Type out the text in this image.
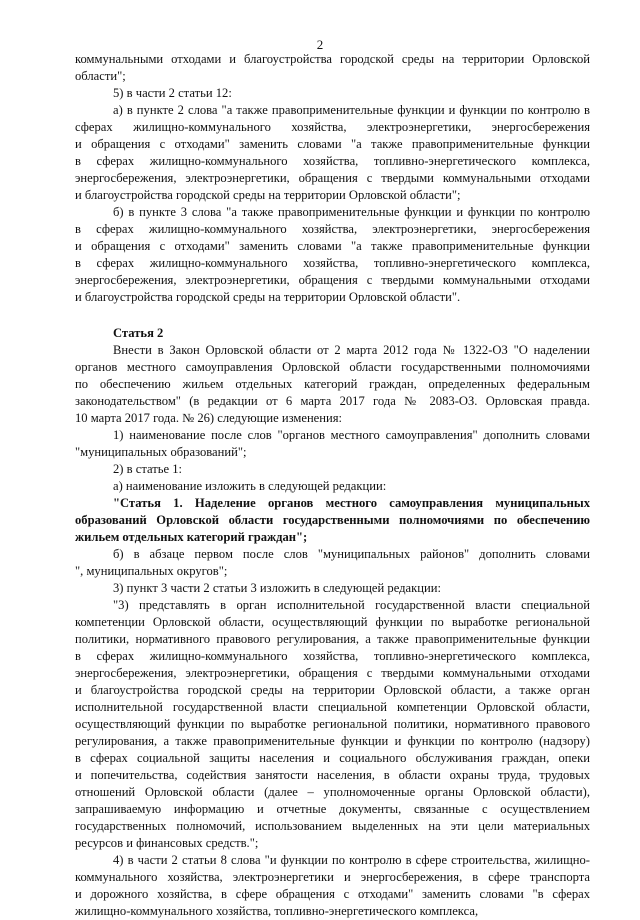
2

коммунальными отходами и благоустройства городской среды на территории Орловской

области";

5) в части 2 статьи 12:

а) в пункте 2 слова "а также правоприменительные функции и функции по контролю в

сферах жилищно-коммунального хозяйства, электроэнергетики, энергосбережения

и обращения с отходами" заменить словами "а также правоприменительные функции

в сферах жилищно-коммунального хозяйства, топливно-энергетического комплекса,

энергосбережения, электроэнергетики, обращения с твердыми коммунальными отходами

и благоустройства городской среды на территории Орловской области";

б) в пункте 3 слова "а также правоприменительные функции и функции по контролю

в сферах жилищно-коммунального хозяйства, электроэнергетики, энергосбережения

и обращения с отходами" заменить словами "а также правоприменительные функции

в сферах жилищно-коммунального хозяйства, топливно-энергетического комплекса,

энергосбережения, электроэнергетики, обращения с твердыми коммунальными отходами

и благоустройства городской среды на территории Орловской области".

Статья 2

Внести в Закон Орловской области от 2 марта 2012 года № 1322-ОЗ "О наделении

органов местного самоуправления Орловской области государственными полномочиями

по обеспечению жильем отдельных категорий граждан, определенных федеральным

законодательством" (в редакции от 6 марта 2017 года № 2083-ОЗ. Орловская правда.

10 марта 2017 года. № 26) следующие изменения:

1) наименование после слов "органов местного самоуправления" дополнить словами

"муниципальных образований";

2) в статье 1:

а) наименование изложить в следующей редакции:

"Статья 1. Наделение органов местного самоуправления муниципальных

образований Орловской области государственными полномочиями по обеспечению

жильем отдельных категорий граждан";

б) в абзаце первом после слов "муниципальных районов" дополнить словами

", муниципальных округов";

3) пункт 3 части 2 статьи 3 изложить в следующей редакции:

"3) представлять в орган исполнительной государственной власти специальной

компетенции Орловской области, осуществляющий функции по выработке региональной

политики, нормативного правового регулирования, а также правоприменительные функции

в сферах жилищно-коммунального хозяйства, топливно-энергетического комплекса,

энергосбережения, электроэнергетики, обращения с твердыми коммунальными отходами

и благоустройства городской среды на территории Орловской области, а также орган

исполнительной государственной власти специальной компетенции Орловской области,

осуществляющий функции по выработке региональной политики, нормативного правового

регулирования, а также правоприменительные функции и функции по контролю (надзору)

в сферах социальной защиты населения и социального обслуживания граждан, опеки

и попечительства, содействия занятости населения, в области охраны труда, трудовых

отношений Орловской области (далее – уполномоченные органы Орловской области),

запрашиваемую информацию и отчетные документы, связанные с осуществлением

государственных полномочий, использованием выделенных на эти цели материальных

ресурсов и финансовых средств.";

4) в части 2 статьи 8 слова "и функции по контролю в сфере строительства, жилищно-

коммунального хозяйства, электроэнергетики и энергосбережения, в сфере транспорта

и дорожного хозяйства, в сфере обращения с отходами" заменить словами "в сферах

жилищно-коммунального хозяйства, топливно-энергетического комплекса,
